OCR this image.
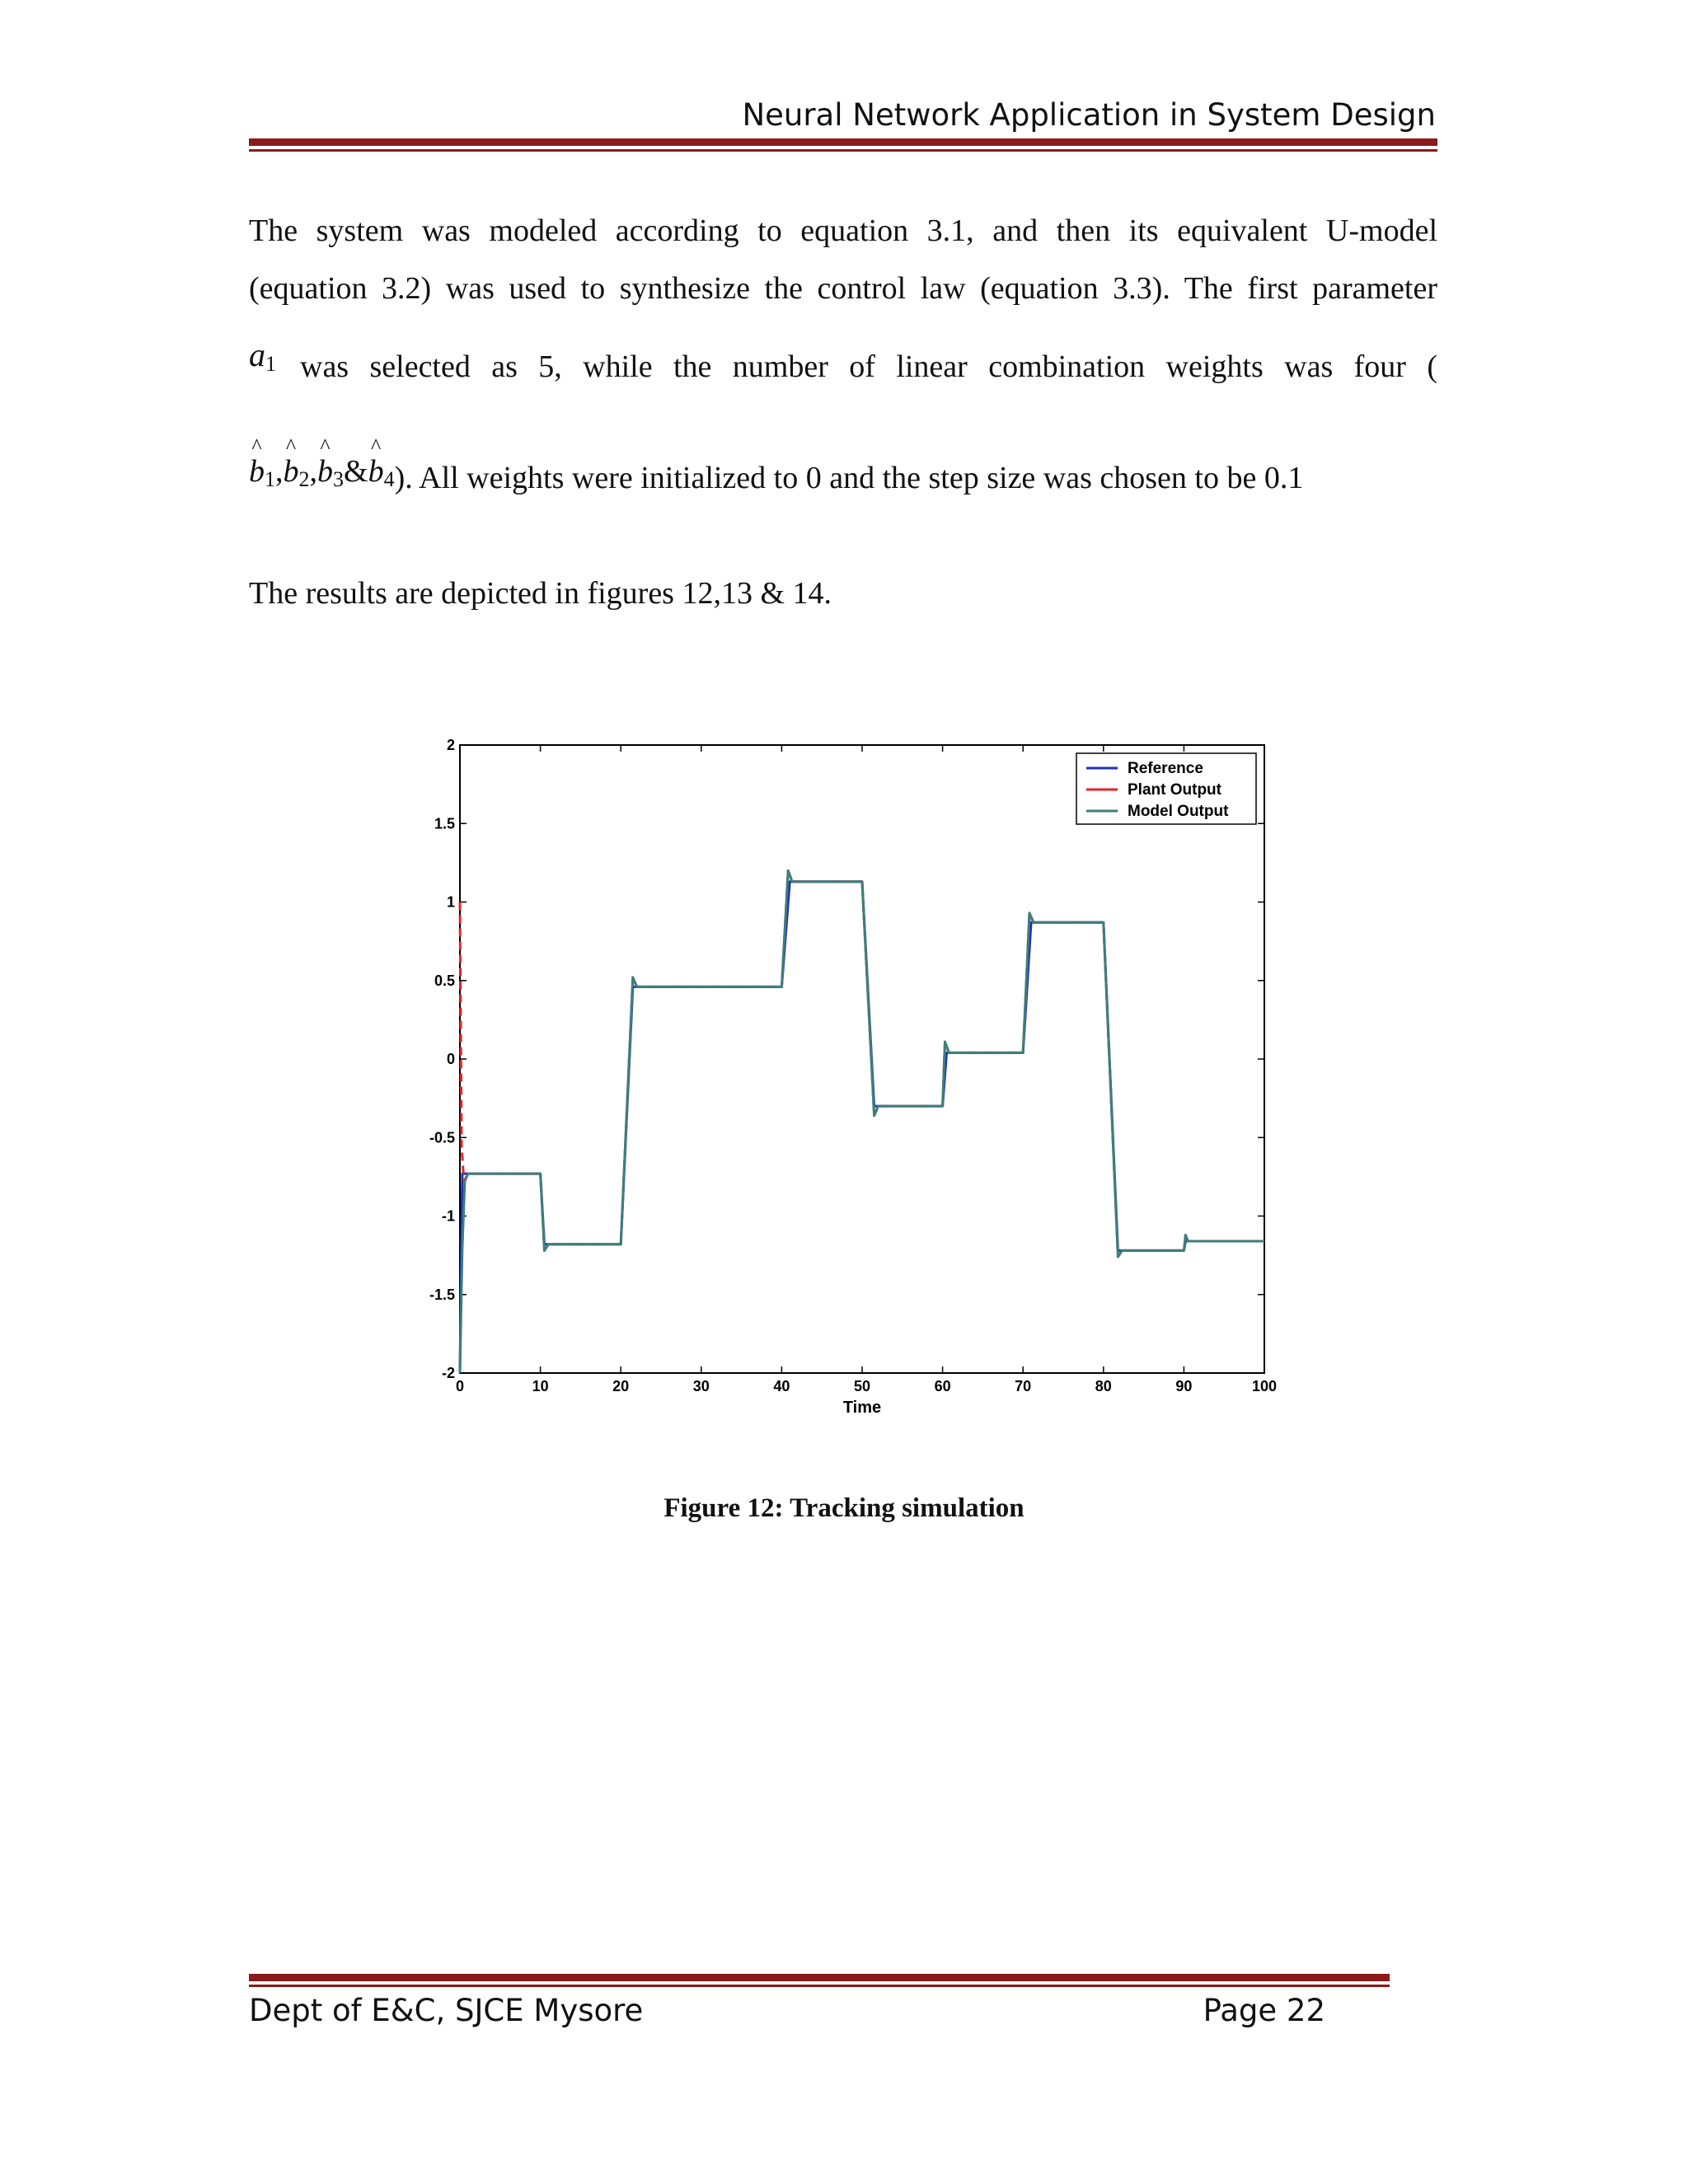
Neural Network Application in System Design
The system was modeled according to equation 3.1, and then its equivalent U-model
(equation 3.2) was used to synthesize the control law (equation 3.3). The first parameter
$a_1$ was selected as 5, while the number of linear combination weights was four (
^ $b_1,\^{}$ $b_2,\^{}$ $b_3\&\^{}$ $b_4$). All weights were initialized to 0 and the step size was chosen to be 0.1
The results are depicted in figures 12,13 & 14.
0	10	20	30	40	50	60	70	80	90	100
2
1.5
1
0.5
0
-0.5
-1
-1.5
-2
Time
Reference
Plant Output
Model Output
Figure 12: Tracking simulation
Dept of E&C, SJCE Mysore	Page 22
